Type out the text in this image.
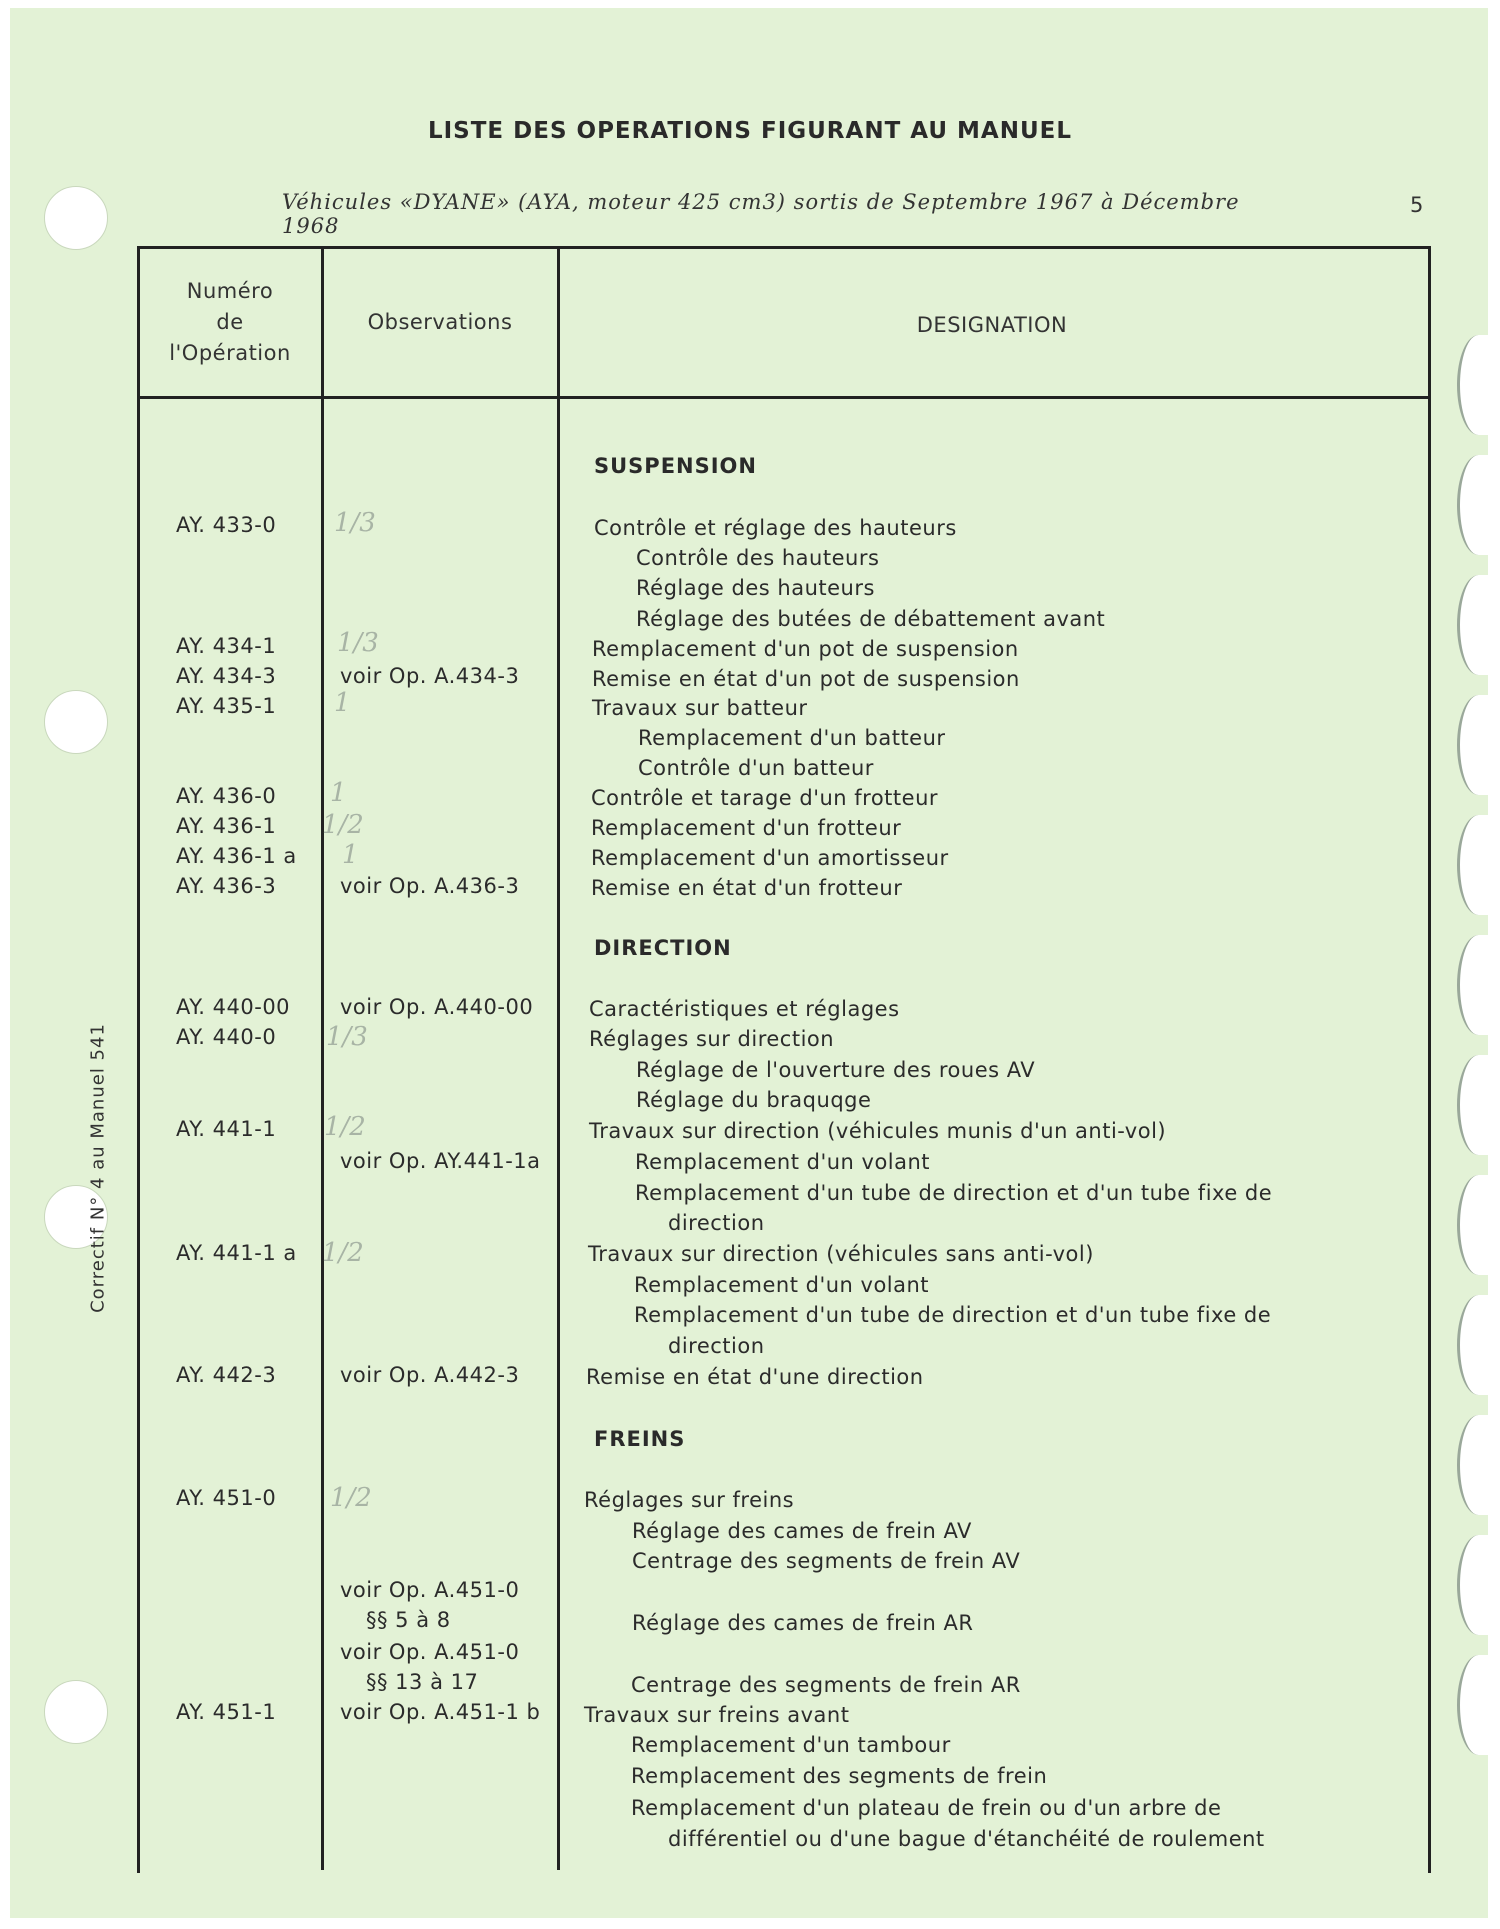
LISTE DES OPERATIONS FIGURANT AU MANUEL
Véhicules «DYANE» (AYA, moteur 425 cm3) sortis de Septembre 1967 à Décembre 1968
5
Correctif N° 4 au Manuel 541
Numéro
de
l'Opération
Observations	DESIGNATION
SUSPENSION
DIRECTION
FREINS
AY. 433-0
AY. 434-1
AY. 434-3
AY. 435-1
AY. 436-0
AY. 436-1
AY. 436-1 a
AY. 436-3
AY. 440-00
AY. 440-0
AY. 441-1
AY. 441-1 a
AY. 442-3
AY. 451-0
AY. 451-1
voir Op. A.434-3
voir Op. A.436-3
voir Op. A.440-00
voir Op. AY.441-1a
voir Op. A.442-3
voir Op. A.451-0
§§ 5 à 8
voir Op. A.451-0
§§ 13 à 17
voir Op. A.451-1 b
1/3
1/3
1
1
1/2
1
1/3
1/2
1/2
1/2
Contrôle et réglage des hauteurs
Contrôle des hauteurs
Réglage des hauteurs
Réglage des butées de débattement avant
Remplacement d'un pot de suspension
Remise en état d'un pot de suspension
Travaux sur batteur
Remplacement d'un batteur
Contrôle d'un batteur
Contrôle et tarage d'un frotteur
Remplacement d'un frotteur
Remplacement d'un amortisseur
Remise en état d'un frotteur
Caractéristiques et réglages
Réglages sur direction
Réglage de l'ouverture des roues AV
Réglage du braquqge
Travaux sur direction (véhicules munis d'un anti-vol)
Remplacement d'un volant
Remplacement d'un tube de direction et d'un tube fixe de
direction
Travaux sur direction (véhicules sans anti-vol)
Remplacement d'un volant
Remplacement d'un tube de direction et d'un tube fixe de
direction
Remise en état d'une direction
Réglages sur freins
Réglage des cames de frein AV
Centrage des segments de frein AV
Réglage des cames de frein AR
Centrage des segments de frein AR
Travaux sur freins avant
Remplacement d'un tambour
Remplacement des segments de frein
Remplacement d'un plateau de frein ou d'un arbre de
différentiel ou d'une bague d'étanchéité de roulement
